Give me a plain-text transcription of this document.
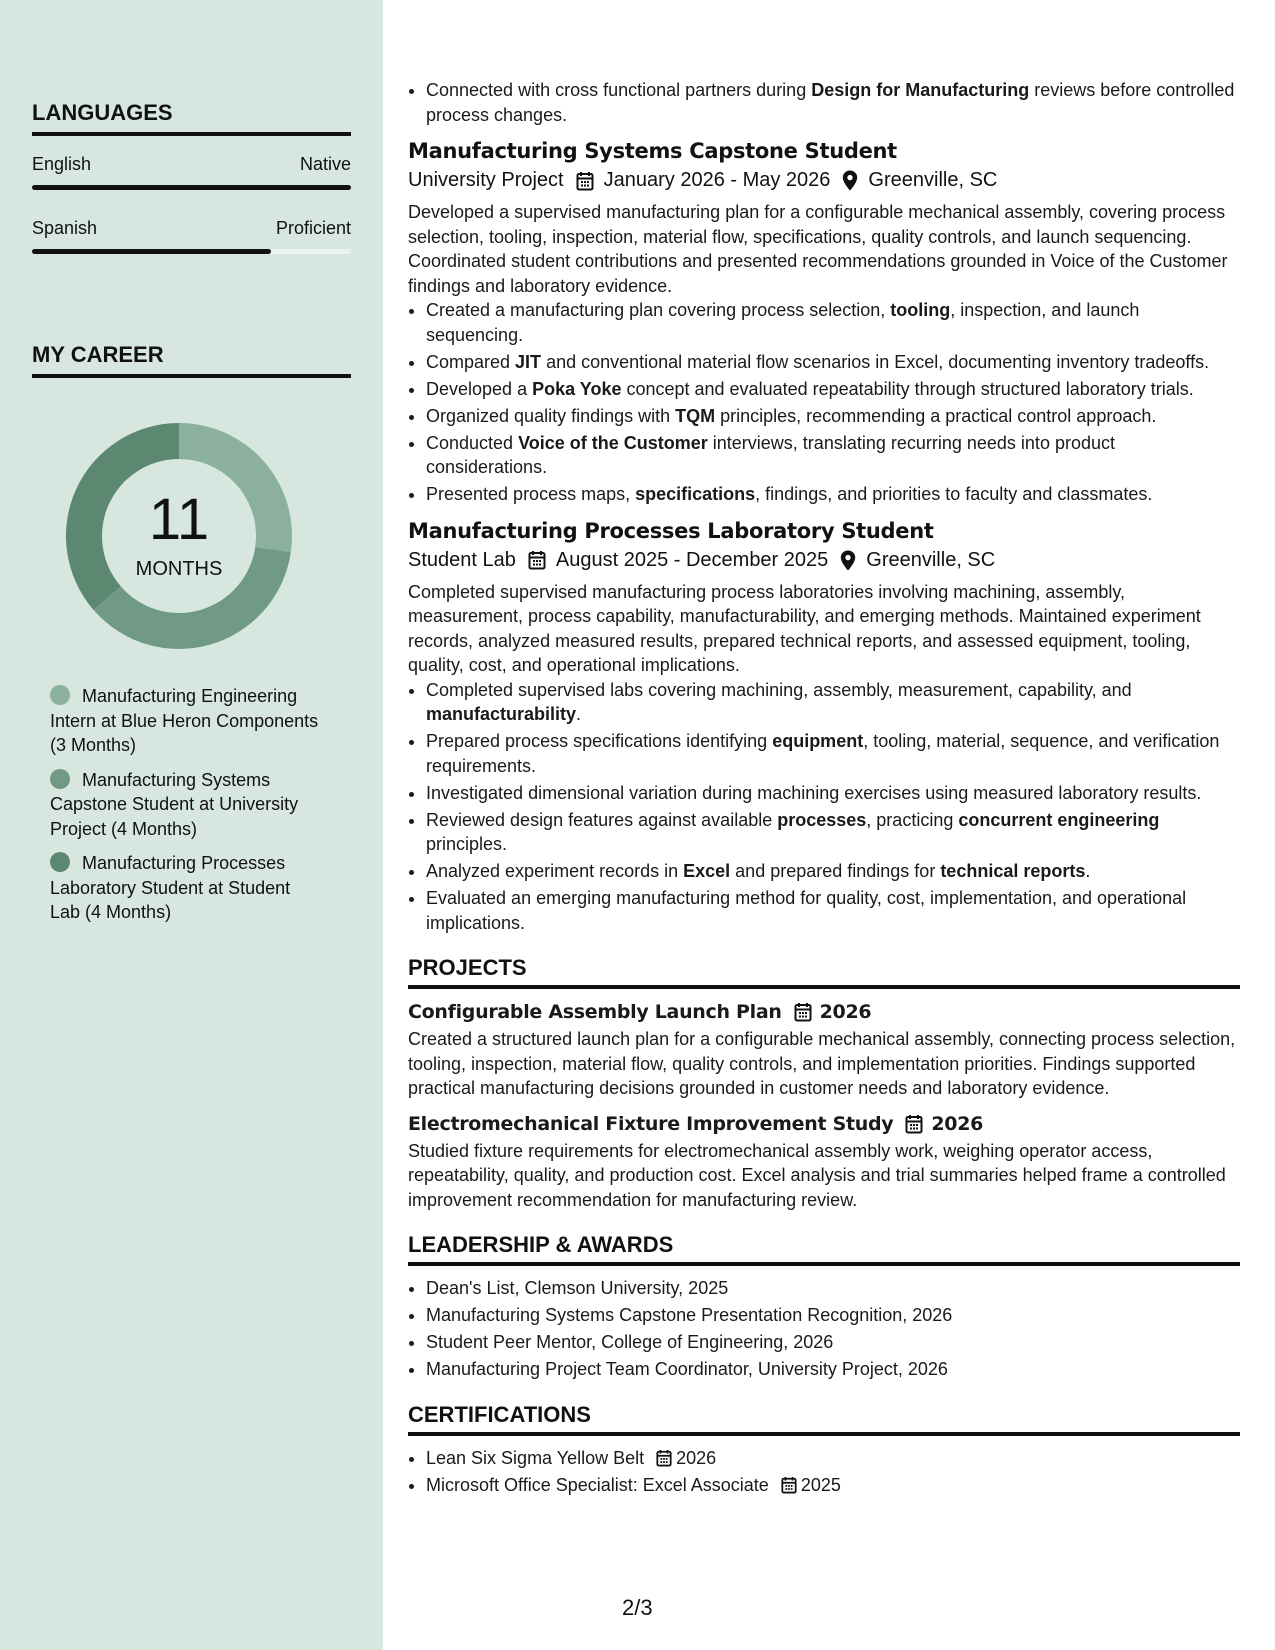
LANGUAGES
English	Native
Spanish	Proficient
MY CAREER
11
MONTHS
Manufacturing Engineering Intern at Blue Heron Components (3 Months)
Manufacturing Systems Capstone Student at University Project (4 Months)
Manufacturing Processes Laboratory Student at Student Lab (4 Months)
• Connected with cross functional partners during Design for Manufacturing reviews before controlled process changes.
Manufacturing Systems Capstone Student
University Project January 2026 - May 2026 Greenville, SC
Developed a supervised manufacturing plan for a configurable mechanical assembly, covering process selection, tooling, inspection, material flow, specifications, quality controls, and launch sequencing. Coordinated student contributions and presented recommendations grounded in Voice of the Customer findings and laboratory evidence.
• Created a manufacturing plan covering process selection, tooling, inspection, and launch sequencing.
• Compared JIT and conventional material flow scenarios in Excel, documenting inventory tradeoffs.
• Developed a Poka Yoke concept and evaluated repeatability through structured laboratory trials.
• Organized quality findings with TQM principles, recommending a practical control approach.
• Conducted Voice of the Customer interviews, translating recurring needs into product considerations.
• Presented process maps, specifications, findings, and priorities to faculty and classmates.
Manufacturing Processes Laboratory Student
Student Lab August 2025 - December 2025 Greenville, SC
Completed supervised manufacturing process laboratories involving machining, assembly, measurement, process capability, manufacturability, and emerging methods. Maintained experiment records, analyzed measured results, prepared technical reports, and assessed equipment, tooling, quality, cost, and operational implications.
• Completed supervised labs covering machining, assembly, measurement, capability, and manufacturability.
• Prepared process specifications identifying equipment, tooling, material, sequence, and verification requirements.
• Investigated dimensional variation during machining exercises using measured laboratory results.
• Reviewed design features against available processes, practicing concurrent engineering principles.
• Analyzed experiment records in Excel and prepared findings for technical reports.
• Evaluated an emerging manufacturing method for quality, cost, implementation, and operational implications.
PROJECTS
Configurable Assembly Launch Plan 2026
Created a structured launch plan for a configurable mechanical assembly, connecting process selection, tooling, inspection, material flow, quality controls, and implementation priorities. Findings supported practical manufacturing decisions grounded in customer needs and laboratory evidence.
Electromechanical Fixture Improvement Study 2026
Studied fixture requirements for electromechanical assembly work, weighing operator access, repeatability, quality, and production cost. Excel analysis and trial summaries helped frame a controlled improvement recommendation for manufacturing review.
LEADERSHIP & AWARDS
• Dean's List, Clemson University, 2025
• Manufacturing Systems Capstone Presentation Recognition, 2026
• Student Peer Mentor, College of Engineering, 2026
• Manufacturing Project Team Coordinator, University Project, 2026
CERTIFICATIONS
• Lean Six Sigma Yellow Belt 2026
• Microsoft Office Specialist: Excel Associate 2025
2/3
